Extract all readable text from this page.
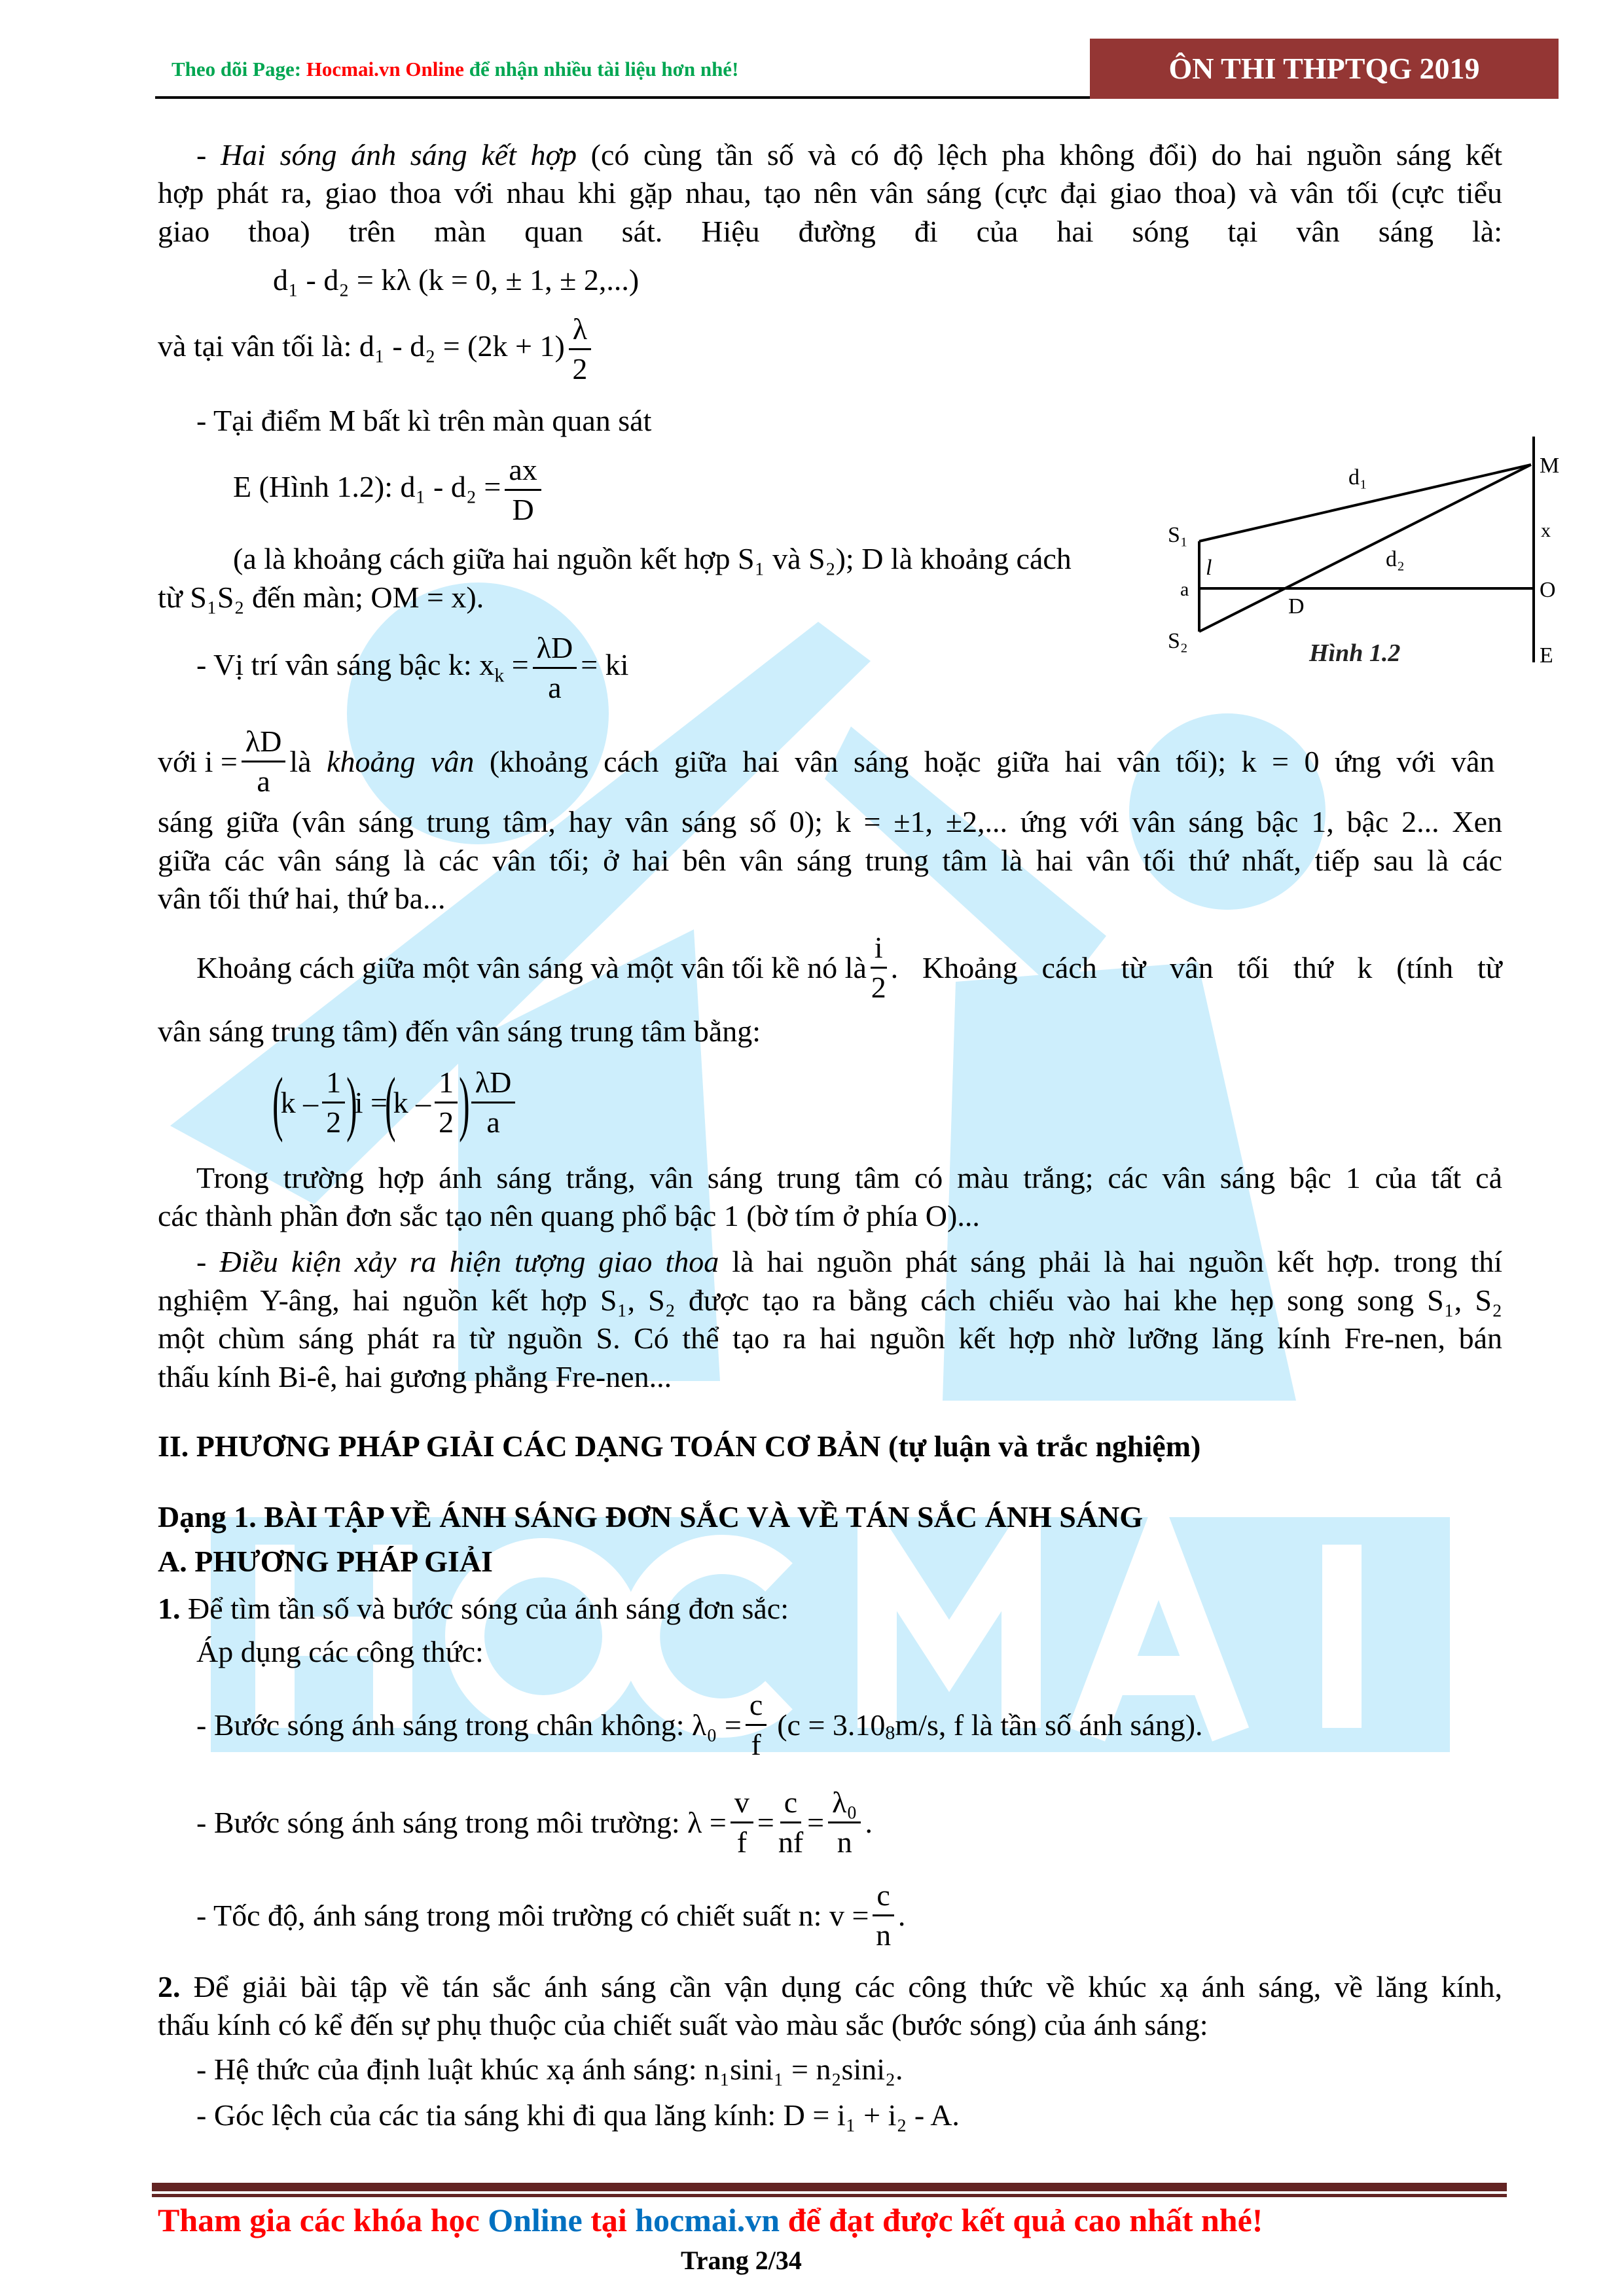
Theo dõi Page: Hocmai.vn Online để nhận nhiều tài liệu hơn nhé!	ÔN THI THPTQG 2019
- Hai sóng ánh sáng kết hợp (có cùng tần số và có độ lệch pha không đổi) do hai nguồn sáng kết
hợp phát ra, giao thoa với nhau khi gặp nhau, tạo nên vân sáng (cực đại giao thoa) và vân tối (cực tiểu
giao thoa) trên màn quan sát. Hiệu đường đi của hai sóng tại vân sáng là:
d₁ - d₂ = kλ (k = 0, ± 1, ± 2,...)
và tại vân tối là: $d_1 - d_2 = (2k + 1) \frac{\lambda}{2}$
- Tại điểm M bất kì trên màn quan sát
E (Hình 1.2): $d_1 - d_2 = \frac{ax}{D}$
(a là khoảng cách giữa hai nguồn kết hợp S₁ và S₂); D là khoảng cách
từ S₁S₂ đến màn; OM = x).
- Vị trí vân sáng bậc k: $x_k = \frac{\lambda D}{a}$ = ki
với $i = \frac{\lambda D}{a}$ là khoảng vân (khoảng cách giữa hai vân sáng hoặc giữa hai vân tối); k = 0 ứng với vân
sáng giữa (vân sáng trung tâm, hay vân sáng số 0); k = ±1, ±2,... ứng với vân sáng bậc 1, bậc 2... Xen
giữa các vân sáng là các vân tối; ở hai bên vân sáng trung tâm là hai vân tối thứ nhất, tiếp sau là các
vân tối thứ hai, thứ ba...
Khoảng cách giữa một vân sáng và một vân tối kề nó là $\frac{i}{2}$ . Khoảng cách từ vân tối thứ k (tính từ
vân sáng trung tâm) đến vân sáng trung tâm bằng:
(
k – $\frac{1}{2}$ )
i =
(
k – $\frac{1}{2}$ ) $\frac{\lambda D}{a}$
Trong trường hợp ánh sáng trắng, vân sáng trung tâm có màu trắng; các vân sáng bậc 1 của tất cả
các thành phần đơn sắc tạo nên quang phổ bậc 1 (bờ tím ở phía O)...
- Điều kiện xảy ra hiện tượng giao thoa là hai nguồn phát sáng phải là hai nguồn kết hợp. trong thí
nghiệm Y-âng, hai nguồn kết hợp S₁, S₂ được tạo ra bằng cách chiếu vào hai khe hẹp song song S₁, S₂
một chùm sáng phát ra từ nguồn S. Có thể tạo ra hai nguồn kết hợp nhờ lưỡng lăng kính Fre-nen, bán
thấu kính Bi-ê, hai gương phẳng Fre-nen...
II. PHƯƠNG PHÁP GIẢI CÁC DẠNG TOÁN CƠ BẢN (tự luận và trắc nghiệm)
Dạng 1. BÀI TẬP VỀ ÁNH SÁNG ĐƠN SẮC VÀ VỀ TÁN SẮC ÁNH SÁNG
A. PHƯƠNG PHÁP GIẢI
1. Để tìm tần số và bước sóng của ánh sáng đơn sắc:
Áp dụng các công thức:
- Bước sóng ánh sáng trong chân không: $\lambda_0 = \frac{c}{f} (c = 3.10_8$ m/s, f là tần số ánh sáng).
- Bước sóng ánh sáng trong môi trường: $\lambda = \frac{v}{f} = \frac{c}{nf} = \frac{\text{λ₀}}{n}$ .
- Tốc độ, ánh sáng trong môi trường có chiết suất n: $v = \frac{c}{n}$ .
2. Để giải bài tập về tán sắc ánh sáng cần vận dụng các công thức về khúc xạ ánh sáng, về lăng kính,
thấu kính có kể đến sự phụ thuộc của chiết suất vào màu sắc (bước sóng) của ánh sáng:
- Hệ thức của định luật khúc xạ ánh sáng: n₁sini₁ = n₂sini₂.
- Góc lệch của các tia sáng khi đi qua lăng kính: D = i₁ + i₂ - A.
S₁
S₂
a
l
D
d₁
d₂
M
x
O
E
Hình 1.2
Tham gia các khóa học Online tại hocmai.vn để đạt được kết quả cao nhất nhé!
Trang 2/34
